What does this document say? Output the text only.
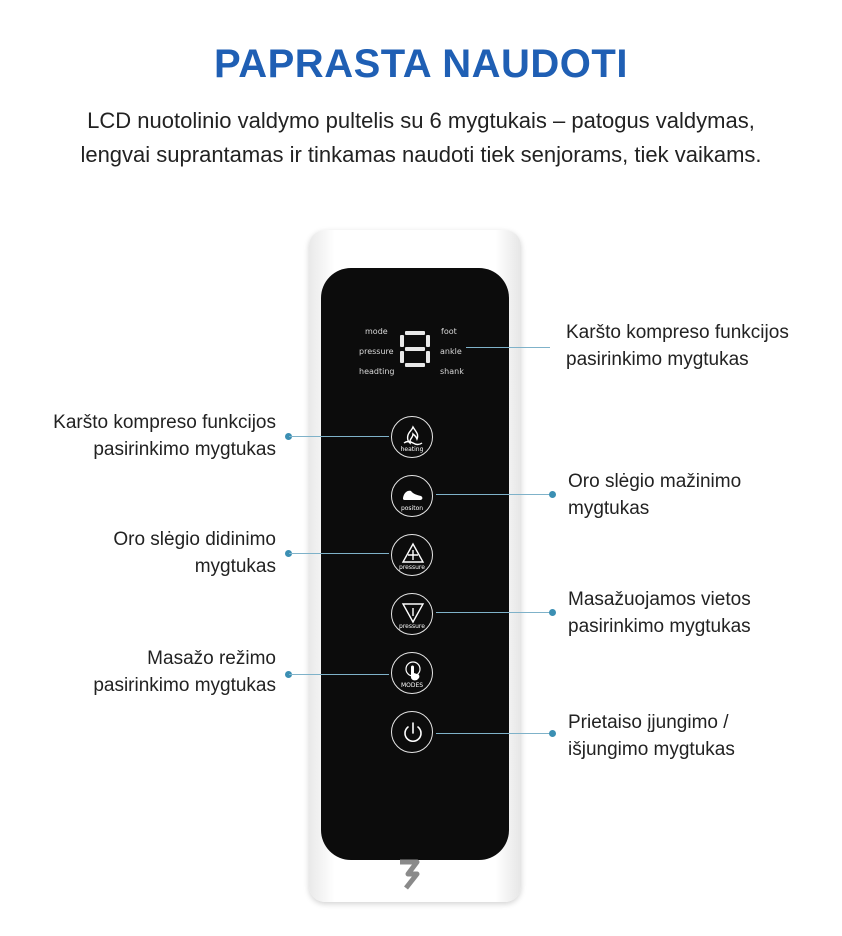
PAPRASTA NAUDOTI
LCD nuotolinio valdymo pultelis su 6 mygtukais – patogus valdymas,
lengvai suprantamas ir tinkamas naudoti tiek senjorams, tiek vaikams.
mode
pressure
headting
foot
ankle
shank
heating
positon
pressure
pressure
MODES
Karšto kompreso funkcijos
pasirinkimo mygtukas
Oro slėgio mažinimo
mygtukas
Masažuojamos vietos
pasirinkimo mygtukas
Prietaiso įjungimo /
išjungimo mygtukas
Karšto kompreso funkcijos
pasirinkimo mygtukas
Oro slėgio didinimo
mygtukas
Masažo režimo
pasirinkimo mygtukas
